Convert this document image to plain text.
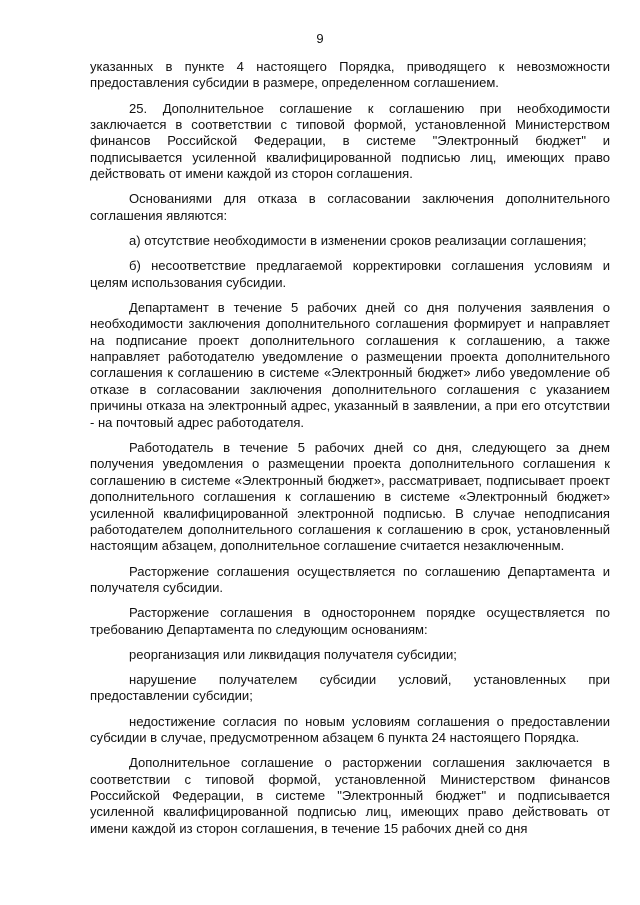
9

указанных в пункте 4 настоящего Порядка, приводящего к невозможности предоставления субсидии в размере, определенном соглашением.

25. Дополнительное соглашение к соглашению при необходимости заключается в соответствии с типовой формой, установленной Министерством финансов Российской Федерации, в системе "Электронный бюджет" и подписывается усиленной квалифицированной подписью лиц, имеющих право действовать от имени каждой из сторон соглашения.

Основаниями для отказа в согласовании заключения дополнительного соглашения являются:

а) отсутствие необходимости в изменении сроков реализации соглашения;

б) несоответствие предлагаемой корректировки соглашения условиям и целям использования субсидии.

Департамент в течение 5 рабочих дней со дня получения заявления о необходимости заключения дополнительного соглашения формирует и направляет на подписание проект дополнительного соглашения к соглашению, а также направляет работодателю уведомление о размещении проекта дополнительного соглашения к соглашению в системе «Электронный бюджет» либо уведомление об отказе в согласовании заключения дополнительного соглашения с указанием причины отказа на электронный адрес, указанный в заявлении, а при его отсутствии - на почтовый адрес работодателя.

Работодатель в течение 5 рабочих дней со дня, следующего за днем получения уведомления о размещении проекта дополнительного соглашения к соглашению в системе «Электронный бюджет», рассматривает, подписывает проект дополнительного соглашения к соглашению в системе «Электронный бюджет» усиленной квалифицированной электронной подписью. В случае неподписания работодателем дополнительного соглашения к соглашению в срок, установленный настоящим абзацем, дополнительное соглашение считается незаключенным.

Расторжение соглашения осуществляется по соглашению Департамента и получателя субсидии.

Расторжение соглашения в одностороннем порядке осуществляется по требованию Департамента по следующим основаниям:

реорганизация или ликвидация получателя субсидии;

нарушение получателем субсидии условий, установленных при предоставлении субсидии;

недостижение согласия по новым условиям соглашения о предоставлении субсидии в случае, предусмотренном абзацем 6 пункта 24 настоящего Порядка.

Дополнительное соглашение о расторжении соглашения заключается в соответствии с типовой формой, установленной Министерством финансов Российской Федерации, в системе "Электронный бюджет" и подписывается усиленной квалифицированной подписью лиц, имеющих право действовать от имени каждой из сторон соглашения, в течение 15 рабочих дней со дня
